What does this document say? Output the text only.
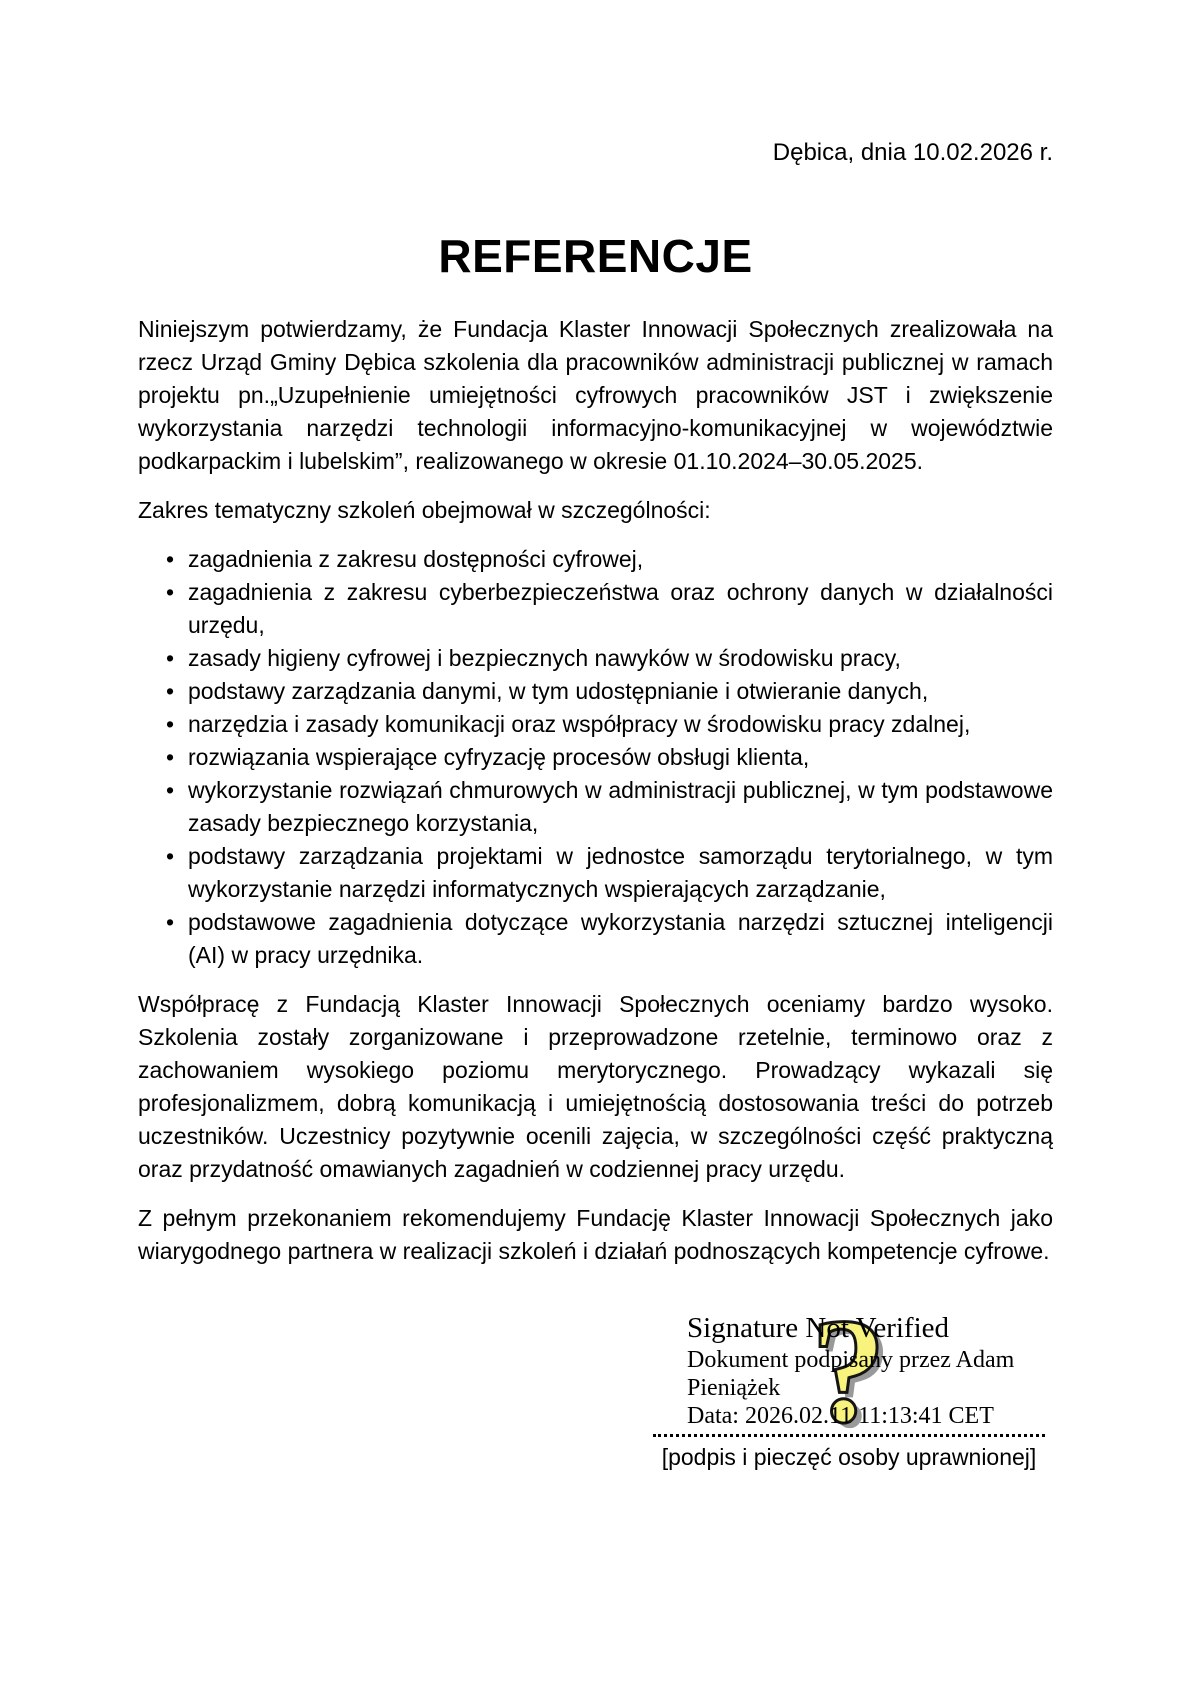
Dębica, dnia 10.02.2026 r.
REFERENCJE

Niniejszym potwierdzamy, że Fundacja Klaster Innowacji Społecznych zrealizowała na rzecz Urząd Gminy Dębica szkolenia dla pracowników administracji publicznej w ramach projektu pn.„Uzupełnienie umiejętności cyfrowych pracowników JST i zwiększenie wykorzystania narzędzi technologii informacyjno-komunikacyjnej w województwie podkarpackim i lubelskim”, realizowanego w okresie 01.10.2024–30.05.2025.

Zakres tematyczny szkoleń obejmował w szczególności:

• zagadnienia z zakresu dostępności cyfrowej,
• zagadnienia z zakresu cyberbezpieczeństwa oraz ochrony danych w działalności urzędu,
• zasady higieny cyfrowej i bezpiecznych nawyków w środowisku pracy,
• podstawy zarządzania danymi, w tym udostępnianie i otwieranie danych,
• narzędzia i zasady komunikacji oraz współpracy w środowisku pracy zdalnej,
• rozwiązania wspierające cyfryzację procesów obsługi klienta,
• wykorzystanie rozwiązań chmurowych w administracji publicznej, w tym podstawowe zasady bezpiecznego korzystania,
• podstawy zarządzania projektami w jednostce samorządu terytorialnego, w tym wykorzystanie narzędzi informatycznych wspierających zarządzanie,
• podstawowe zagadnienia dotyczące wykorzystania narzędzi sztucznej inteligencji (AI) w pracy urzędnika.

Współpracę z Fundacją Klaster Innowacji Społecznych oceniamy bardzo wysoko. Szkolenia zostały zorganizowane i przeprowadzone rzetelnie, terminowo oraz z zachowaniem wysokiego poziomu merytorycznego. Prowadzący wykazali się profesjonalizmem, dobrą komunikacją i umiejętnością dostosowania treści do potrzeb uczestników. Uczestnicy pozytywnie ocenili zajęcia, w szczególności część praktyczną oraz przydatność omawianych zagadnień w codziennej pracy urzędu.

Z pełnym przekonaniem rekomendujemy Fundację Klaster Innowacji Społecznych jako wiarygodnego partnera w realizacji szkoleń i działań podnoszących kompetencje cyfrowe.

?
Signature Not Verified
Dokument podpisany przez Adam
Pieniążek
Data: 2026.02.11 11:13:41 CET
[podpis i pieczęć osoby uprawnionej]
